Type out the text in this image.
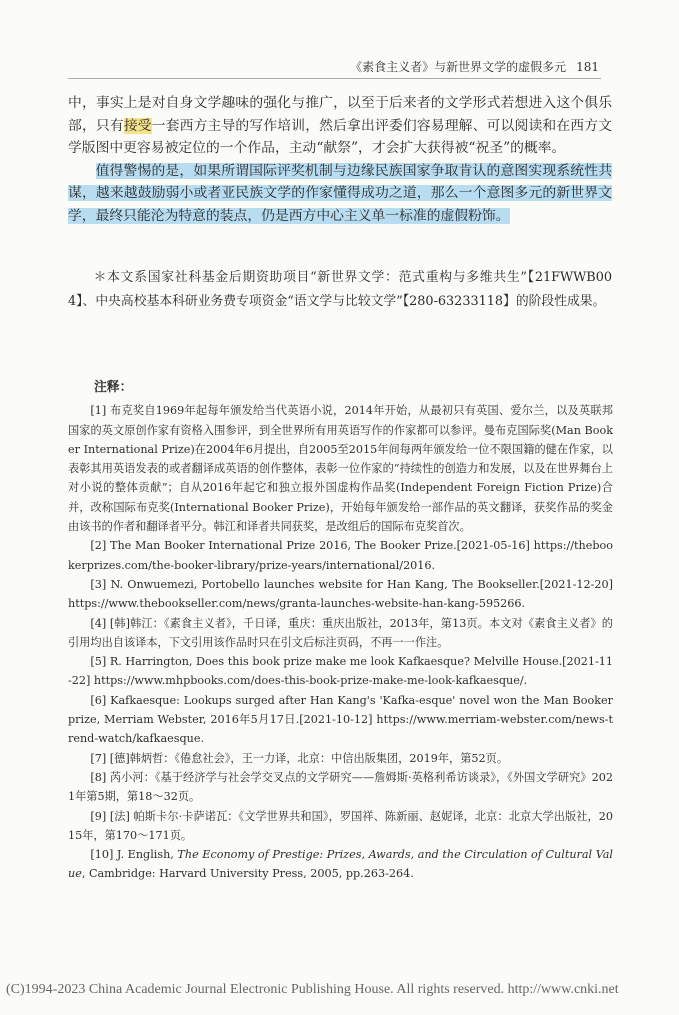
《素食主义者》与新世界文学的虚假多元 181

中，事实上是对自身文学趣味的强化与推广，以至于后来者的文学形式若想进入这个俱乐部，只有接受一套西方主导的写作培训，然后拿出评委们容易理解、可以阅读和在西方文学版图中更容易被定位的一个作品，主动“献祭”，才会扩大获得被“祝圣”的概率。

值得警惕的是，如果所谓国际评奖机制与边缘民族国家争取肯认的意图实现系统性共谋，越来越鼓励弱小或者亚民族文学的作家懂得成功之道，那么一个意图多元的新世界文学，最终只能沦为特意的装点，仍是西方中心主义单一标准的虚假粉饰。

＊本文系国家社科基金后期资助项目“新世界文学：范式重构与多维共生”【21FWWB004】、中央高校基本科研业务费专项资金“语文学与比较文学”【280-63233118】的阶段性成果。
注释：

[1] 布克奖自1969年起每年颁发给当代英语小说，2014年开始，从最初只有英国、爱尔兰，以及英联邦国家的英文原创作家有资格入围参评，到全世界所有用英语写作的作家都可以参评。曼布克国际奖(Man Booker International Prize)在2004年6月提出，自2005至2015年间每两年颁发给一位不限国籍的健在作家，以表彰其用英语发表的或者翻译成英语的创作整体，表彰一位作家的“持续性的创造力和发展，以及在世界舞台上对小说的整体贡献”；自从2016年起它和独立报外国虚构作品奖(Independent Foreign Fiction Prize)合并，改称国际布克奖(International Booker Prize)，开始每年颁发给一部作品的英文翻译，获奖作品的奖金由该书的作者和翻译者平分。韩江和译者共同获奖，是改组后的国际布克奖首次。

[2] The Man Booker International Prize 2016, The Booker Prize.[2021-05-16] https://thebookerprizes.com/the-booker-library/prize-years/international/2016.

[3] N. Onwuemezi, Portobello launches website for Han Kang, The Bookseller.[2021-12-20] https://www.thebookseller.com/news/granta-launches-website-han-kang-595266.

[4] [韩]韩江：《素食主义者》，千日译，重庆：重庆出版社，2013年，第13页。本文对《素食主义者》的引用均出自该译本，下文引用该作品时只在引文后标注页码，不再一一作注。

[5] R. Harrington, Does this book prize make me look Kafkaesque? Melville House.[2021-11-22] https://www.mhpbooks.com/does-this-book-prize-make-me-look-kafkaesque/.

[6] Kafkaesque: Lookups surged after Han Kang's 'Kafka-esque' novel won the Man Booker prize, Merriam Webster, 2016年5月17日.[2021-10-12] https://www.merriam-webster.com/news-trend-watch/kafkaesque.

[7] [德]韩炳哲：《倦怠社会》，王一力译，北京：中信出版集团，2019年，第52页。

[8] 芮小河：《基于经济学与社会学交叉点的文学研究——詹姆斯·英格利希访谈录》，《外国文学研究》2021年第5期，第18～32页。

[9] [法] 帕斯卡尔·卡萨诺瓦：《文学世界共和国》，罗国祥、陈新丽、赵妮译，北京：北京大学出版社，2015年，第170～171页。

[10] J. English, The Economy of Prestige: Prizes, Awards, and the Circulation of Cultural Value, Cambridge: Harvard University Press, 2005, pp.263-264.

(C)1994-2023 China Academic Journal Electronic Publishing House. All rights reserved. http://www.cnki.net
